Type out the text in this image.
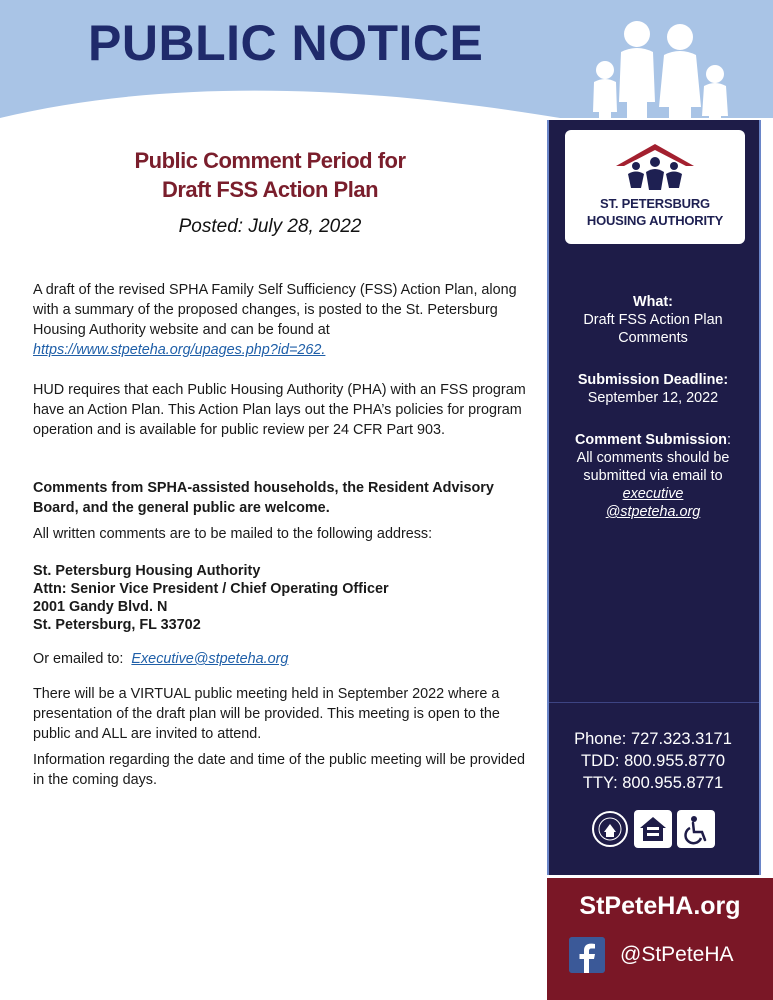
PUBLIC NOTICE
Public Comment Period for
Draft FSS Action Plan
Posted: July 28, 2022

A draft of the revised SPHA Family Self Sufficiency (FSS) Action Plan, along with a summary of the proposed changes, is posted to the St. Petersburg Housing Authority website and can be found at https://www.stpeteha.org/upages.php?id=262.

HUD requires that each Public Housing Authority (PHA) with an FSS program have an Action Plan. This Action Plan lays out the PHA’s policies for program operation and is available for public review per 24 CFR Part 903.

Comments from SPHA-assisted households, the Resident Advisory Board, and the general public are welcome.

All written comments are to be mailed to the following address:

St. Petersburg Housing Authority
Attn: Senior Vice President / Chief Operating Officer
2001 Gandy Blvd. N
St. Petersburg, FL 33702
Or emailed to: Executive@stpeteha.org

There will be a VIRTUAL public meeting held in September 2022 where a presentation of the draft plan will be provided. This meeting is open to the public and ALL are invited to attend.

Information regarding the date and time of the public meeting will be provided in the coming days.

ST. PETERSBURG
HOUSING AUTHORITY
What:
Draft FSS Action Plan
Comments
Submission Deadline:
September 12, 2022
Comment Submission:
All comments should be submitted via email to
executive
@stpeteha.org
Phone: 727.323.3171
TDD: 800.955.8770
TTY: 800.955.8771
StPeteHA.org
@StPeteHA
